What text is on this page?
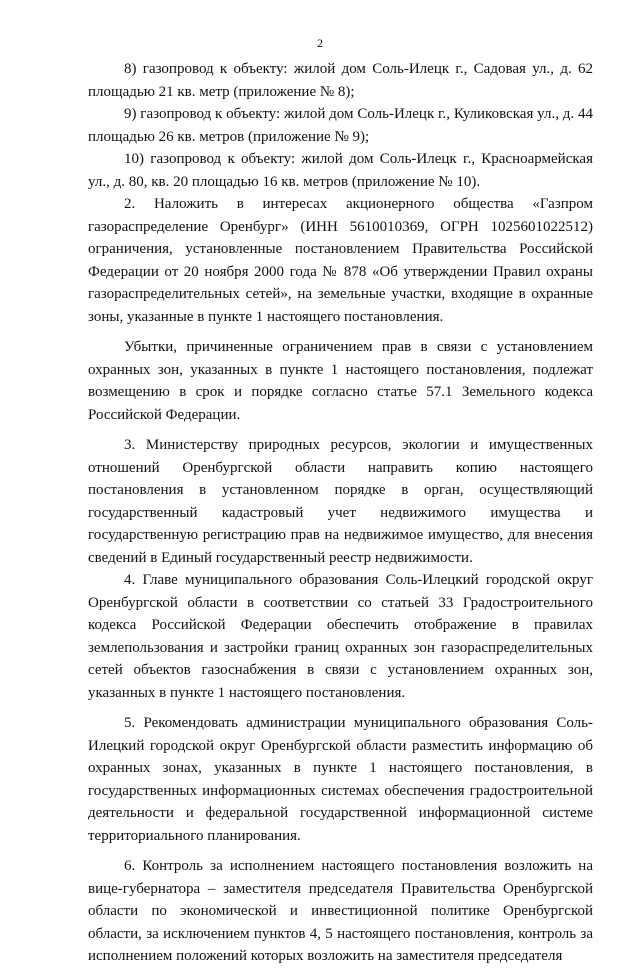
2

8) газопровод к объекту: жилой дом Соль-Илецк г., Садовая ул., д. 62 площадью 21 кв. метр (приложение № 8);

9) газопровод к объекту: жилой дом Соль-Илецк г., Куликовская ул., д. 44 площадью 26 кв. метров (приложение № 9);

10) газопровод к объекту: жилой дом Соль-Илецк г., Красноармейская ул., д. 80, кв. 20 площадью 16 кв. метров (приложение № 10).

2. Наложить в интересах акционерного общества «Газпром газораспределение Оренбург» (ИНН 5610010369, ОГРН 1025601022512) ограничения, установленные постановлением Правительства Российской Федерации от 20 ноября 2000 года № 878 «Об утверждении Правил охраны газораспределительных сетей», на земельные участки, входящие в охранные зоны, указанные в пункте 1 настоящего постановления.

Убытки, причиненные ограничением прав в связи с установлением охранных зон, указанных в пункте 1 настоящего постановления, подлежат возмещению в срок и порядке согласно статье 57.1 Земельного кодекса Российской Федерации.

3. Министерству природных ресурсов, экологии и имущественных отношений Оренбургской области направить копию настоящего постановления в установленном порядке в орган, осуществляющий государственный кадастровый учет недвижимого имущества и государственную регистрацию прав на недвижимое имущество, для внесения сведений в Единый государственный реестр недвижимости.

4. Главе муниципального образования Соль-Илецкий городской округ Оренбургской области в соответствии со статьей 33 Градостроительного кодекса Российской Федерации обеспечить отображение в правилах землепользования и застройки границ охранных зон газораспределительных сетей объектов газоснабжения в связи с установлением охранных зон, указанных в пункте 1 настоящего постановления.

5. Рекомендовать администрации муниципального образования Соль-Илецкий городской округ Оренбургской области разместить информацию об охранных зонах, указанных в пункте 1 настоящего постановления, в государственных информационных системах обеспечения градостроительной деятельности и федеральной государственной информационной системе территориального планирования.

6. Контроль за исполнением настоящего постановления возложить на вице-губернатора – заместителя председателя Правительства Оренбургской области по экономической и инвестиционной политике Оренбургской области, за исключением пунктов 4, 5 настоящего постановления, контроль за исполнением положений которых возложить на заместителя председателя
